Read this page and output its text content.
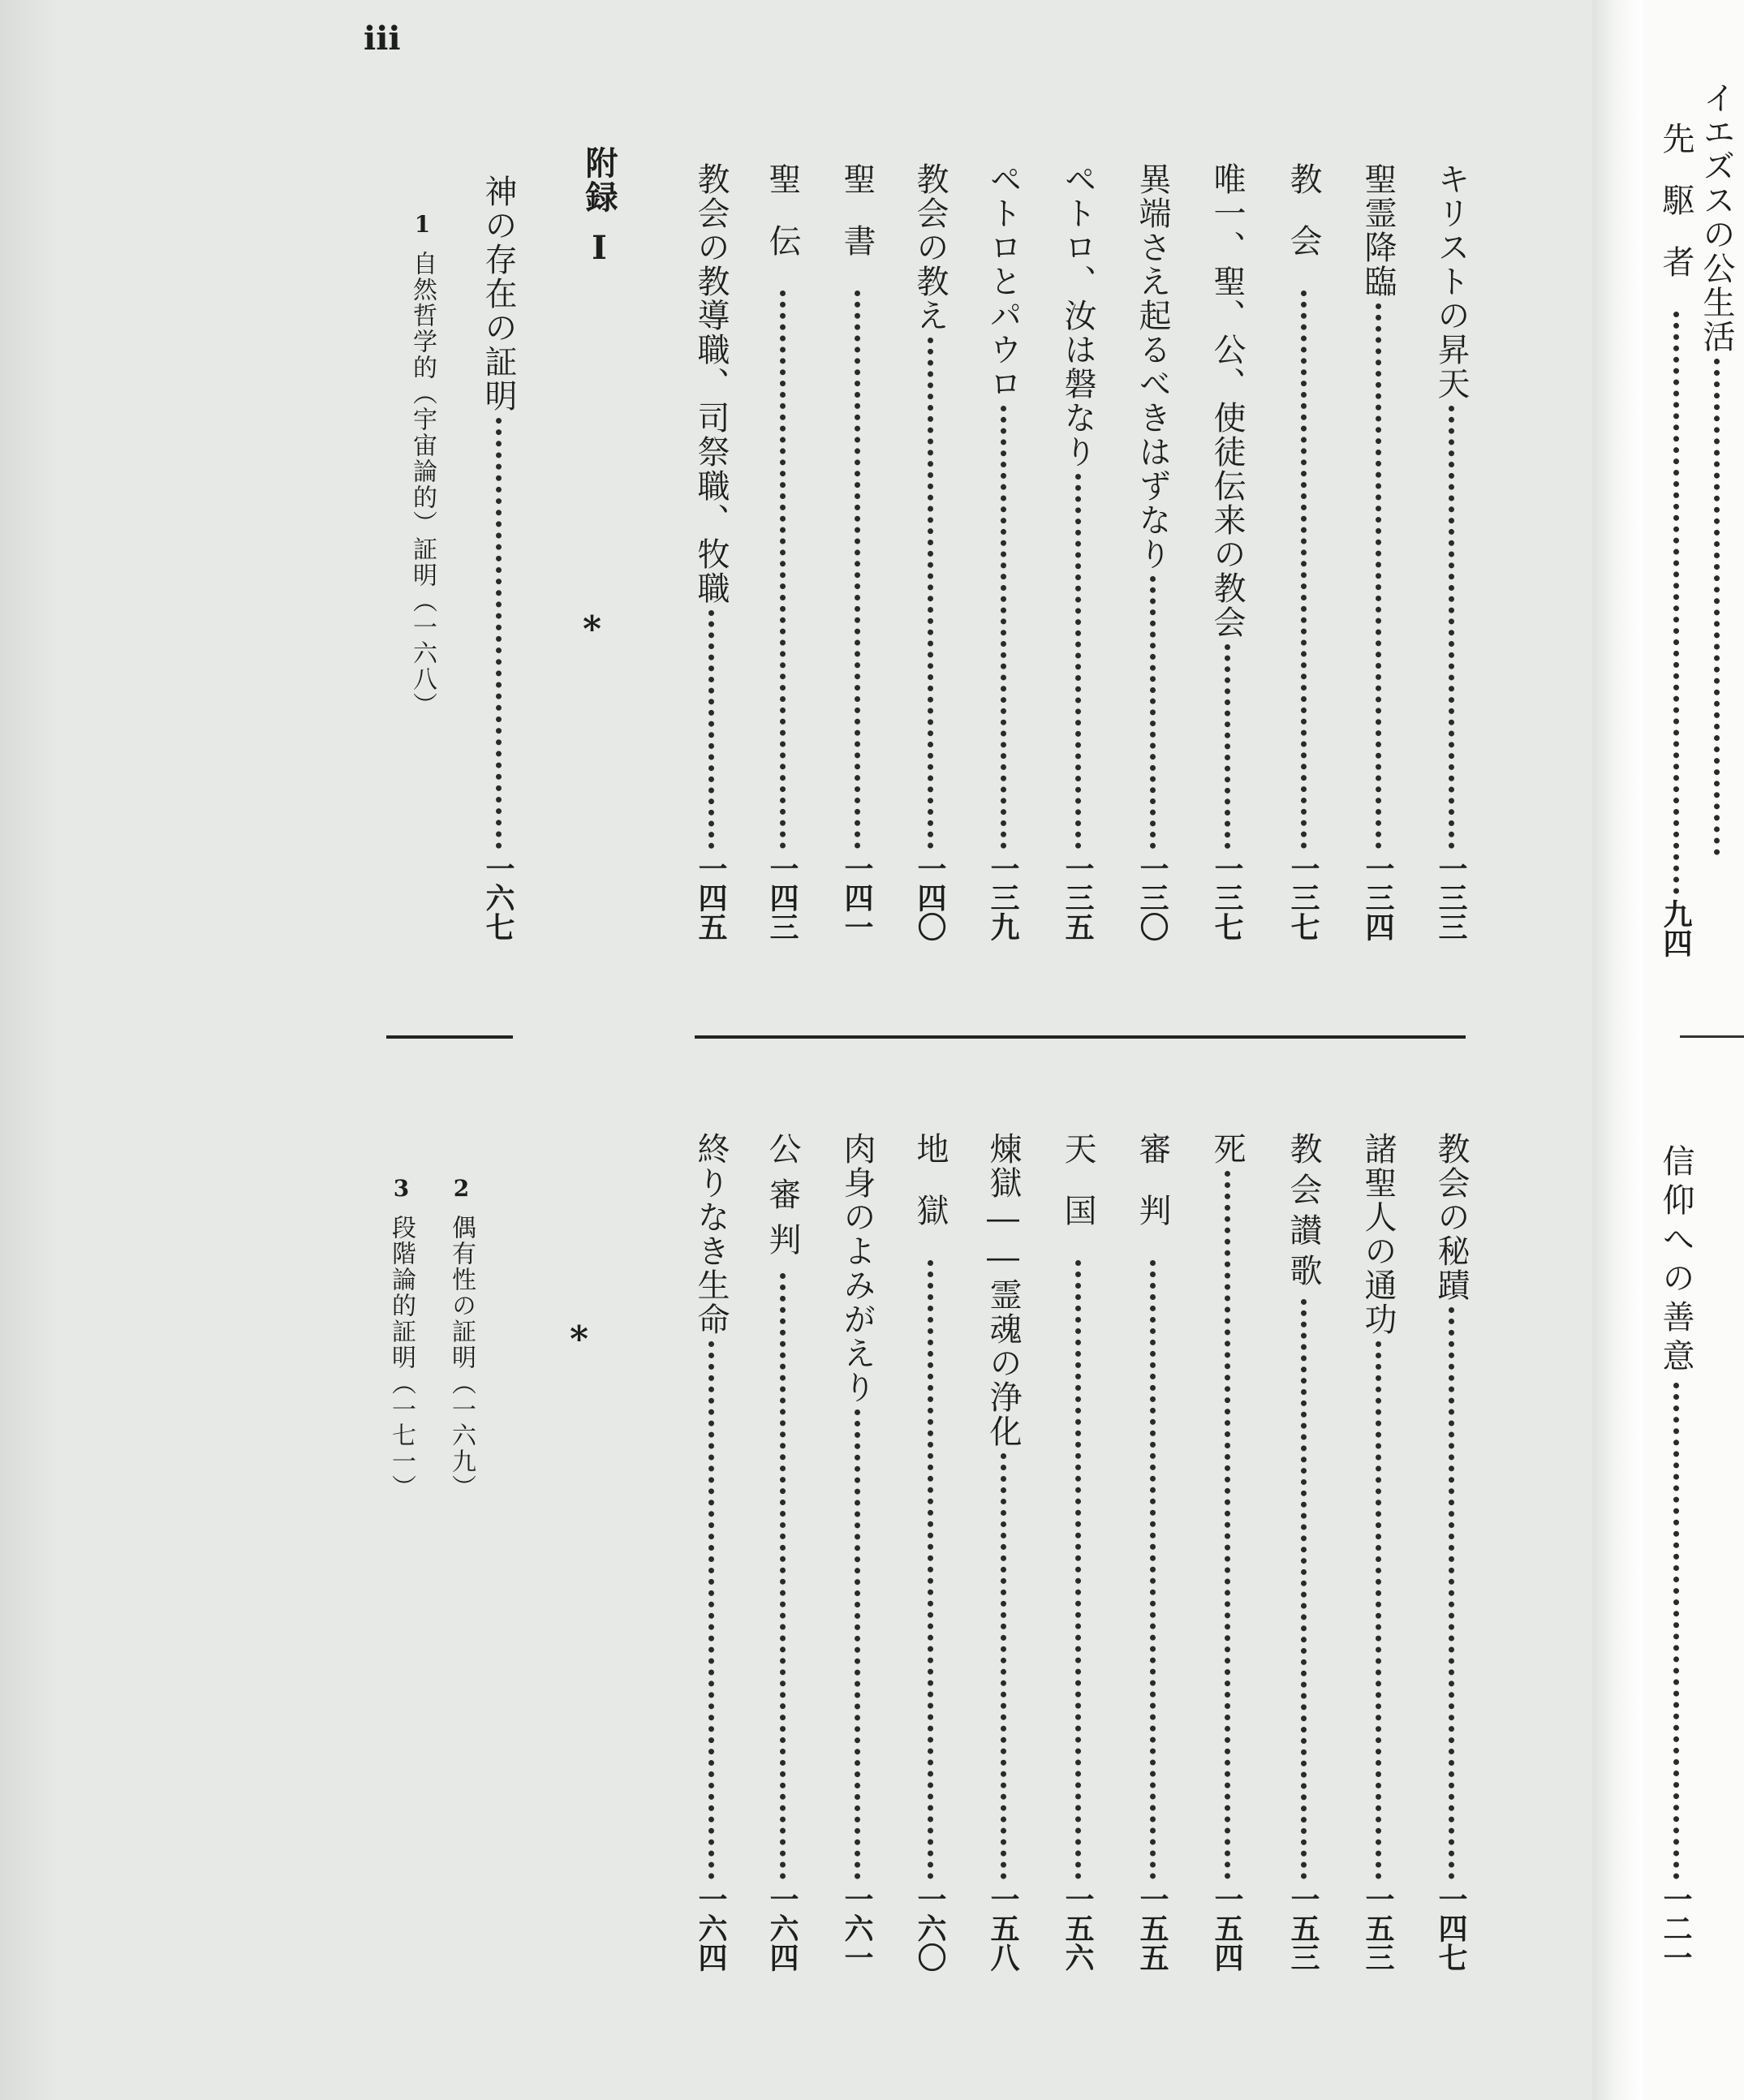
iii
キリストの昇天
一三三
聖霊降臨
一三四
教会
一三七
唯一、聖、公、使徒伝来の教会
一三七
異端さえ起るべきはずなり
一三〇
ペトロ、汝は磐なり
一三五
ペトロとパウロ
一三九
教会の教え
一四〇
聖書
一四一
聖伝
一四三
教会の教導職、司祭職、牧職
一四五
附録
I
*
神の存在の証明
一六七
1
自然哲学的（宇宙論的）証明（一六八）
教会の秘蹟
一四七
諸聖人の通功
一五三
教会讃歌
一五三
死
一五四
審判
一五五
天国
一五六
煉獄――霊魂の浄化
一五八
地獄
一六〇
肉身のよみがえり
一六一
公審判
一六四
終りなき生命
一六四
*
2
偶有性の証明（一六九）
3
段階論的証明（一七一）
イエズスの公生活
先駆者
九四
信仰への善意
一二一
